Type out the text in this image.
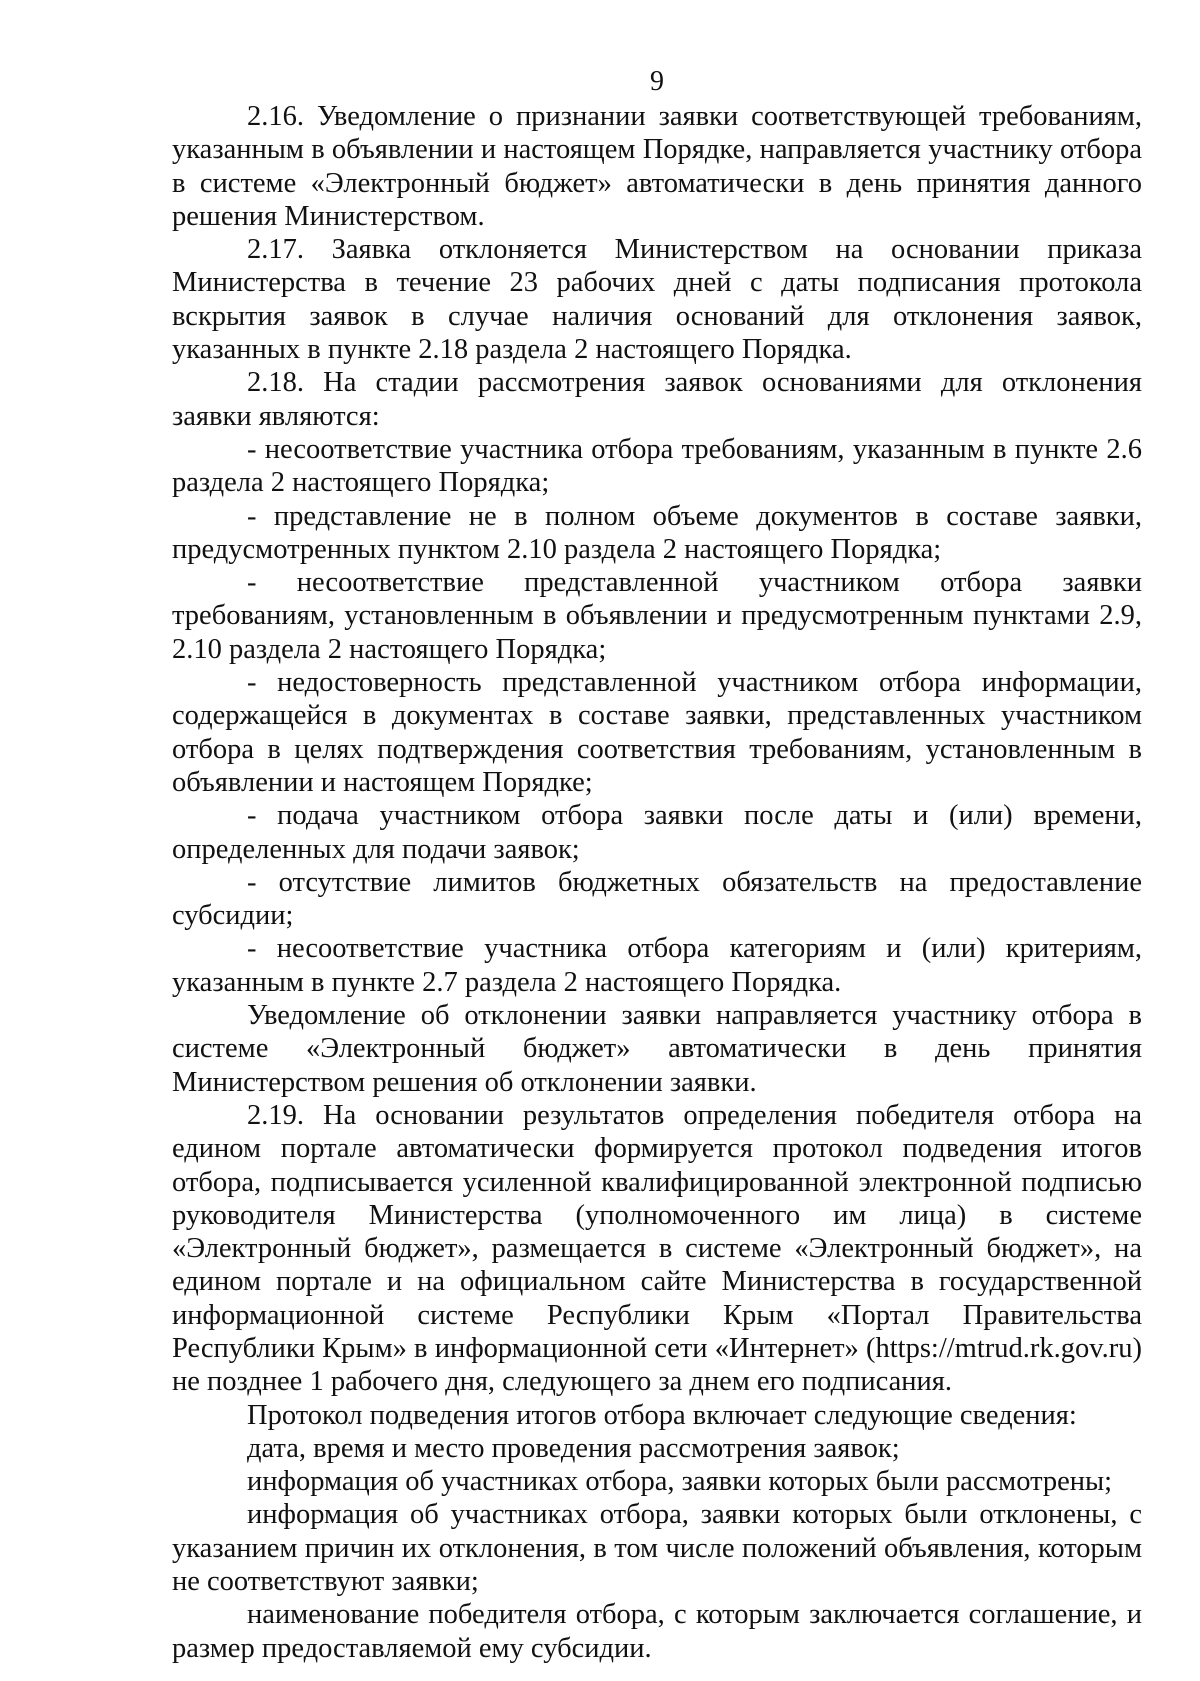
9

2.16. Уведомление о признании заявки соответствующей требованиям, указанным в объявлении и настоящем Порядке, направляется участнику отбора в системе «Электронный бюджет» автоматически в день принятия данного решения Министерством.

2.17. Заявка отклоняется Министерством на основании приказа Министерства в течение 23 рабочих дней с даты подписания протокола вскрытия заявок в случае наличия оснований для отклонения заявок, указанных в пункте 2.18 раздела 2 настоящего Порядка.

2.18. На стадии рассмотрения заявок основаниями для отклонения заявки являются:

- несоответствие участника отбора требованиям, указанным в пункте 2.6 раздела 2 настоящего Порядка;

- представление не в полном объеме документов в составе заявки, предусмотренных пунктом 2.10 раздела 2 настоящего Порядка;

- несоответствие представленной участником отбора заявки требованиям, установленным в объявлении и предусмотренным пунктами 2.9, 2.10 раздела 2 настоящего Порядка;

- недостоверность представленной участником отбора информации, содержащейся в документах в составе заявки, представленных участником отбора в целях подтверждения соответствия требованиям, установленным в объявлении и настоящем Порядке;

- подача участником отбора заявки после даты и (или) времени, определенных для подачи заявок;

- отсутствие лимитов бюджетных обязательств на предоставление субсидии;

- несоответствие участника отбора категориям и (или) критериям, указанным в пункте 2.7 раздела 2 настоящего Порядка.

Уведомление об отклонении заявки направляется участнику отбора в системе «Электронный бюджет» автоматически в день принятия Министерством решения об отклонении заявки.

2.19. На основании результатов определения победителя отбора на едином портале автоматически формируется протокол подведения итогов отбора, подписывается усиленной квалифицированной электронной подписью руководителя Министерства (уполномоченного им лица) в системе «Электронный бюджет», размещается в системе «Электронный бюджет», на едином портале и на официальном сайте Министерства в государственной информационной системе Республики Крым «Портал Правительства Республики Крым» в информационной сети «Интернет» (https://mtrud.rk.gov.ru) не позднее 1 рабочего дня, следующего за днем его подписания.

Протокол подведения итогов отбора включает следующие сведения:

дата, время и место проведения рассмотрения заявок;

информация об участниках отбора, заявки которых были рассмотрены;

информация об участниках отбора, заявки которых были отклонены, с указанием причин их отклонения, в том числе положений объявления, которым не соответствуют заявки;

наименование победителя отбора, с которым заключается соглашение, и размер предоставляемой ему субсидии.
